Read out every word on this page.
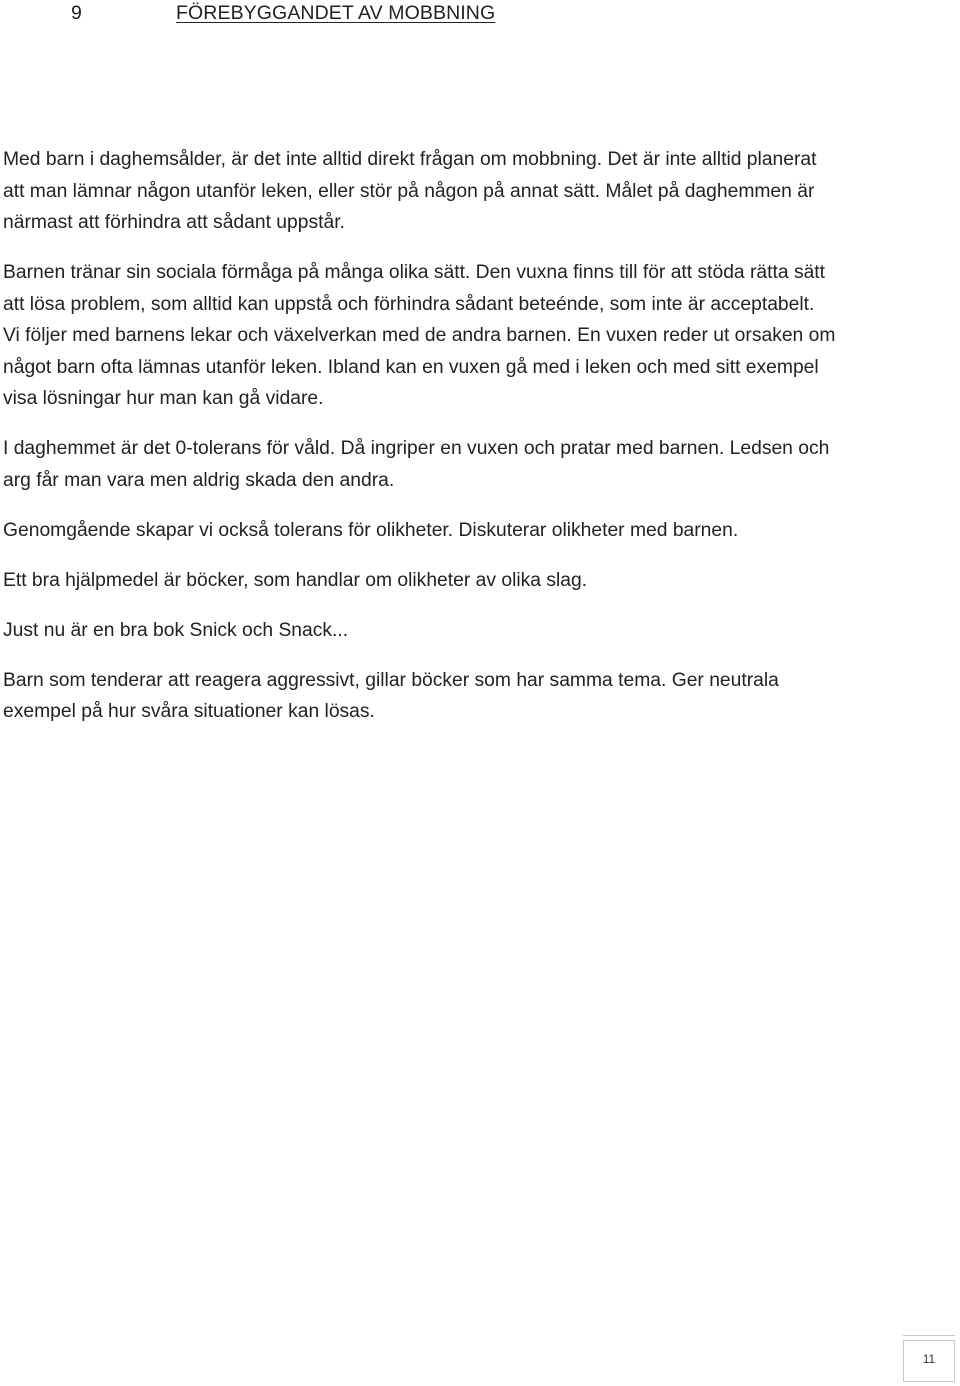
9	FÖREBYGGANDET AV MOBBNING

Med barn i daghemsålder, är det inte alltid direkt frågan om mobbning. Det är inte alltid planerat
att man lämnar någon utanför leken, eller stör på någon på annat sätt. Målet på daghemmen är
närmast att förhindra att sådant uppstår.

Barnen tränar sin sociala förmåga på många olika sätt. Den vuxna finns till för att stöda rätta sätt
att lösa problem, som alltid kan uppstå och förhindra sådant beteénde, som inte är acceptabelt.
Vi följer med barnens lekar och växelverkan med de andra barnen. En vuxen reder ut orsaken om
något barn ofta lämnas utanför leken. Ibland kan en vuxen gå med i leken och med sitt exempel
visa lösningar hur man kan gå vidare.

I daghemmet är det 0-tolerans för våld. Då ingriper en vuxen och pratar med barnen. Ledsen och
arg får man vara men aldrig skada den andra.

Genomgående skapar vi också tolerans för olikheter. Diskuterar olikheter med barnen.

Ett bra hjälpmedel är böcker, som handlar om olikheter av olika slag.

Just nu är en bra bok Snick och Snack...

Barn som tenderar att reagera aggressivt, gillar böcker som har samma tema. Ger neutrala
exempel på hur svåra situationer kan lösas.

11
